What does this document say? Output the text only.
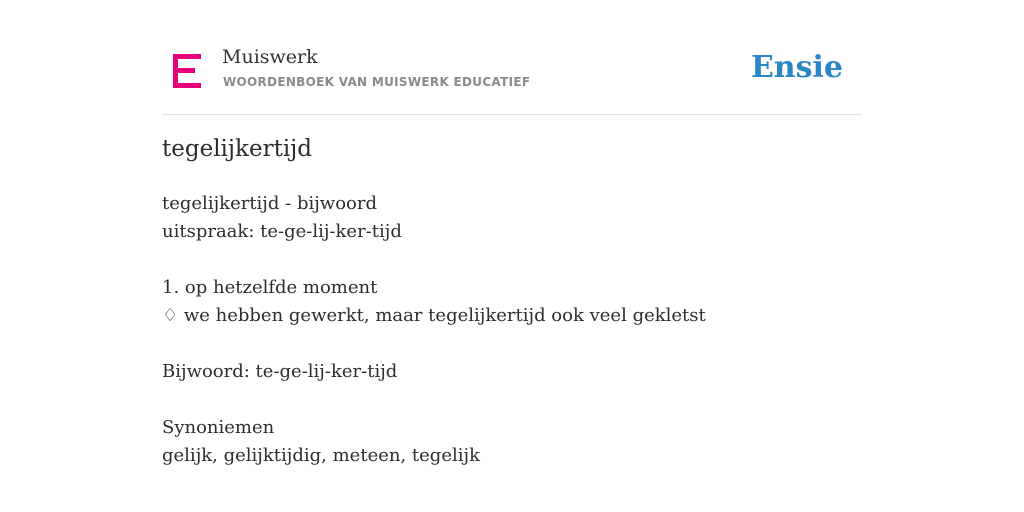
Muiswerk
WOORDENBOEK VAN MUISWERK EDUCATIEF	Ensie
tegelijkertijd
tegelijkertijd - bijwoord
uitspraak: te-ge-lij-ker-tijd
1. op hetzelfde moment
♢ we hebben gewerkt, maar tegelijkertijd ook veel gekletst
Bijwoord: te-ge-lij-ker-tijd
Synoniemen
gelijk, gelijktijdig, meteen, tegelijk
